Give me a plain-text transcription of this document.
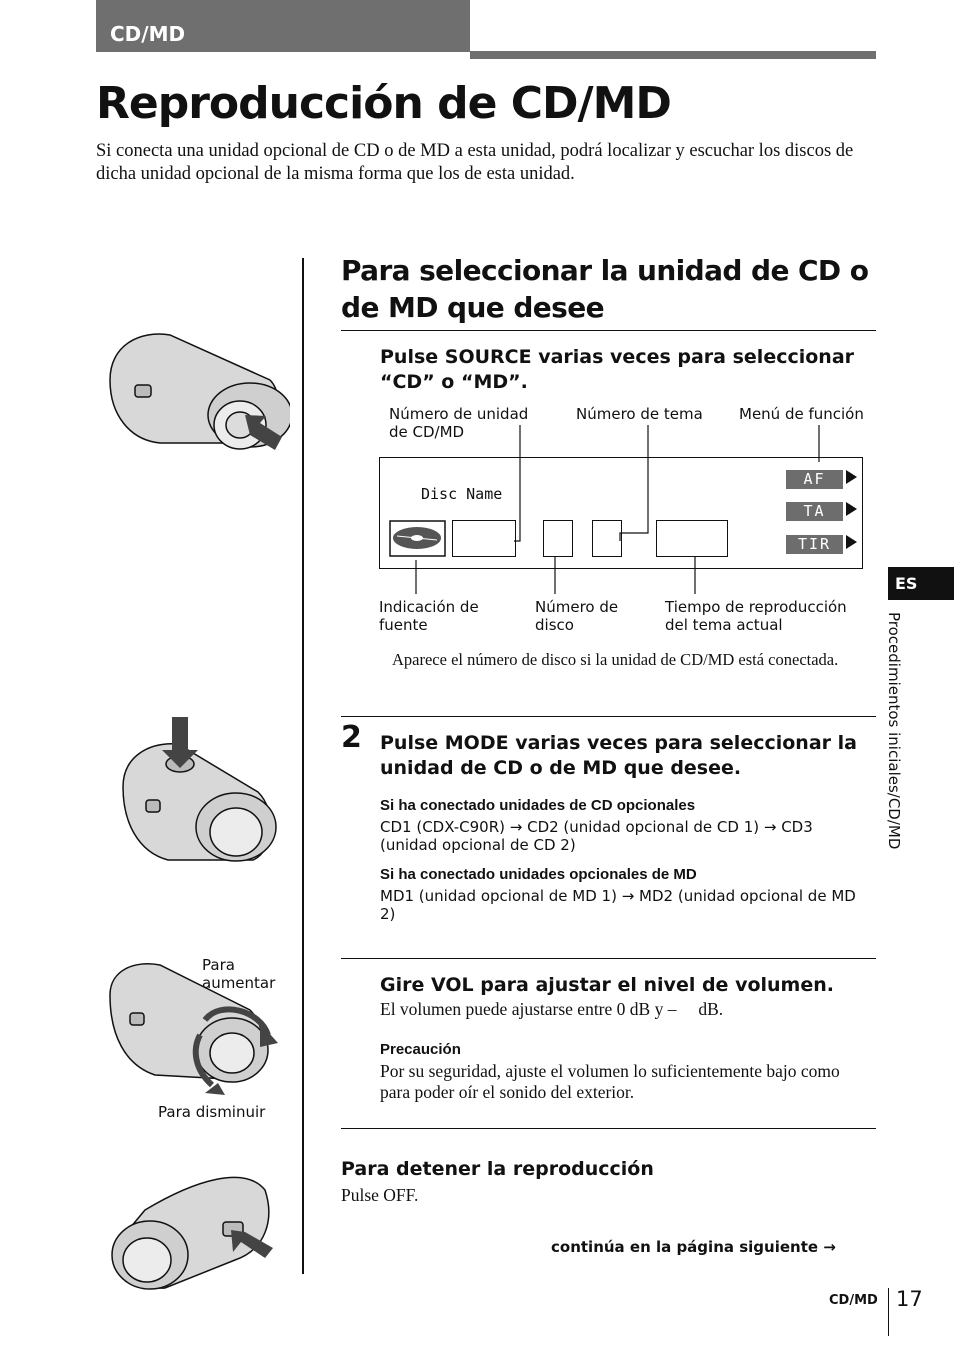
CD/MD
Reproducción de CD/MD
Si conecta una unidad opcional de CD o de MD a esta unidad, podrá localizar y escuchar los discos de dicha unidad opcional de la misma forma que los de esta unidad.
Para aumentar
Para disminuir
Para seleccionar la unidad de CD o de MD que desee
1 Pulse SOURCE varias veces para seleccionar “CD” o “MD”.
Número de unidad de CD/MD
Número de tema Menú de función
Disc Name
AF
TA
TIR
Indicación de fuente
Número de disco
Tiempo de reproducción del tema actual
Aparece el número de disco si la unidad de CD/MD está conectada.
2 Pulse MODE varias veces para seleccionar la unidad de CD o de MD que desee.
Si ha conectado unidades de CD opcionales
CD1 (CDX-C90R) → CD2 (unidad opcional de CD 1) → CD3 (unidad opcional de CD 2)
Si ha conectado unidades opcionales de MD
MD1 (unidad opcional de MD 1) → MD2 (unidad opcional de MD 2)
3 Gire VOL para ajustar el nivel de volumen.
El volumen puede ajustarse entre 0 dB y –     dB.
Precaución
Por su seguridad, ajuste el volumen lo suficientemente bajo como para poder oír el sonido del exterior.
Para detener la reproducción
Pulse OFF.
continúa en la página siguiente →
CD/MD 17
ES
Procedimientos iniciales/CD/MD
